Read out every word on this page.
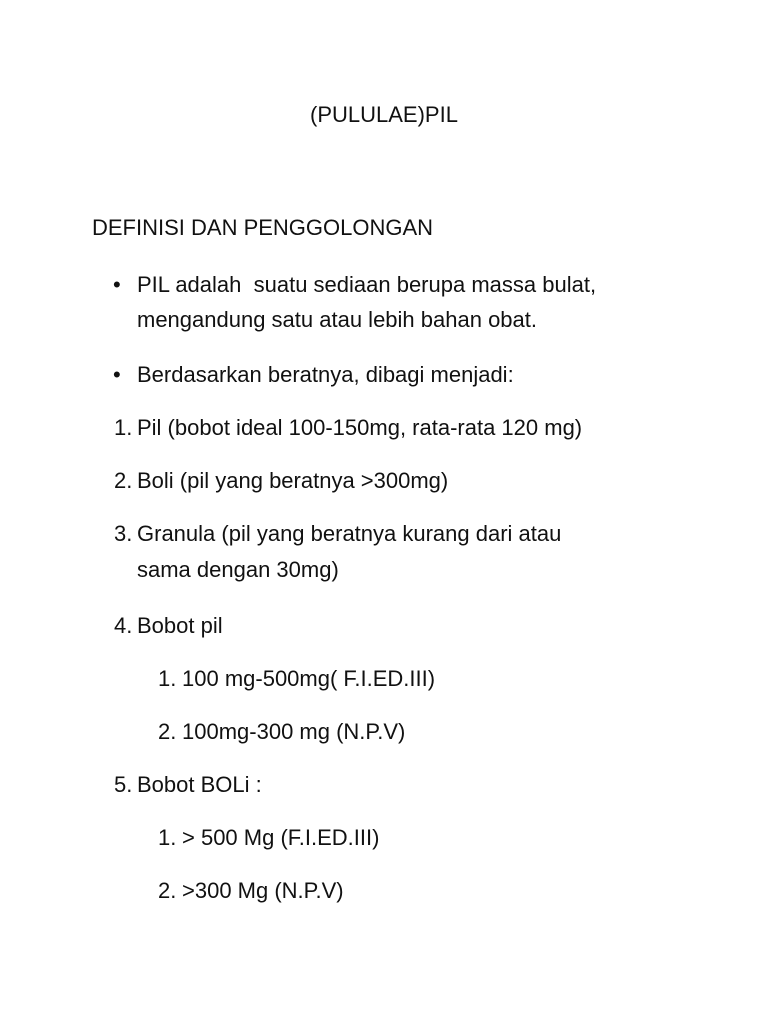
(PULULAE)PIL
DEFINISI DAN PENGGOLONGAN
• PIL adalah  suatu sediaan berupa massa bulat,
mengandung satu atau lebih bahan obat.
• Berdasarkan beratnya, dibagi menjadi:
1. Pil (bobot ideal 100-150mg, rata-rata 120 mg)
2. Boli (pil yang beratnya >300mg)
3. Granula (pil yang beratnya kurang dari atau
sama dengan 30mg)
4. Bobot pil
1. 100 mg-500mg( F.I.ED.III)
2. 100mg-300 mg (N.P.V)
5. Bobot BOLi :
1. > 500 Mg (F.I.ED.III)
2. >300 Mg (N.P.V)
